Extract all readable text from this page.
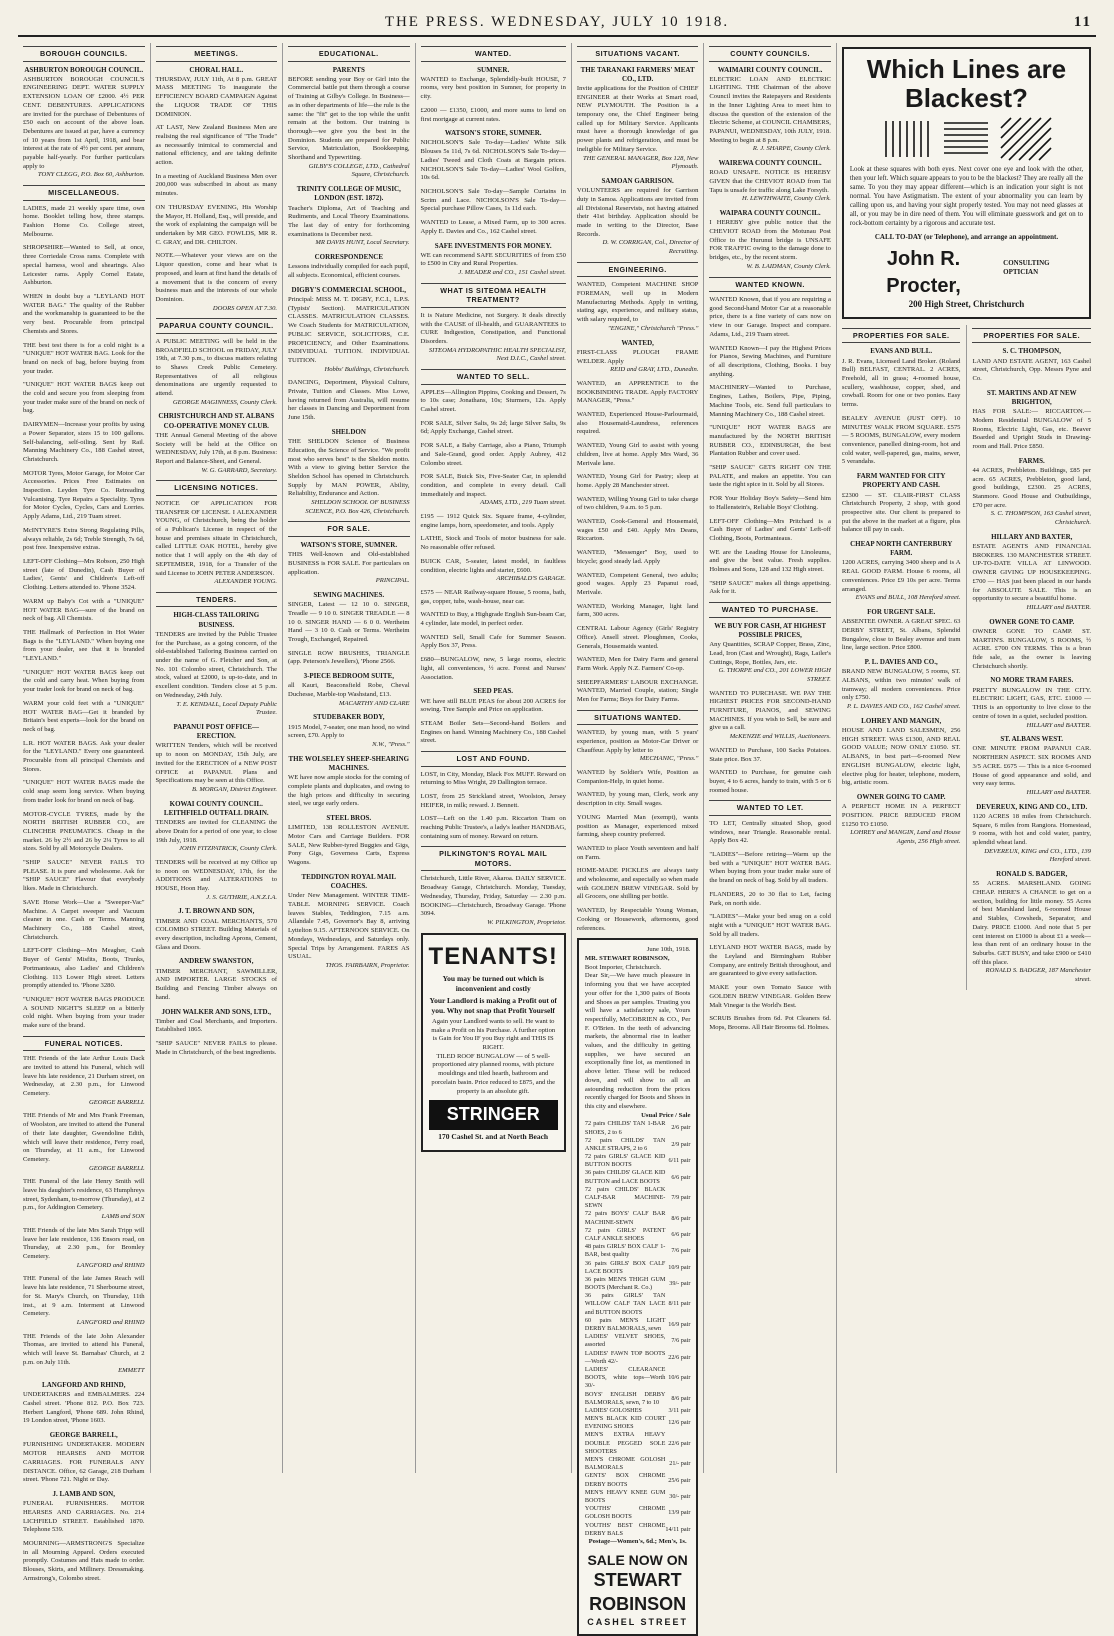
THE PRESS. WEDNESDAY, JULY 10 1918.	11
BOROUGH COUNCILS.
ASHBURTON BOROUGH COUNCIL.
ASHBURTON BOROUGH COUNCIL'S ENGINEERING DEPT. WATER SUPPLY EXTENSION LOAN OF £2000. 4½ PER CENT. DEBENTURES. APPLICATIONS are invited for the purchase of Debentures of £50 each on account of the above loan. Debentures are issued at par, have a currency of 10 years from 1st April, 1918, and bear interest at the rate of 4½ per cent. per annum, payable half-yearly. For further particulars apply to
TONY CLEGG, P.O. Box 60, Ashburton.
MISCELLANEOUS.
LADIES, made 21 weekly spare time, own home. Booklet telling how, three stamps. Fashion Home Co. College street, Melbourne.
SHROPSHIRE—Wanted to Sell, at once, three Corriedale Cross rams. Complete with special harness, wool and shearings. Also Leicester rams. Apply Cornel Estate, Ashburton.
WHEN in doubt buy a "LEYLAND HOT WATER BAG." The quality of the Rubber and the workmanship is guaranteed to be the very best. Procurable from principal Chemists and Stores.
THE best test there is for a cold night is a "UNIQUE" HOT WATER BAG. Look for the brand on neck of bag, before buying from your trader.
"UNIQUE" HOT WATER BAGS keep out the cold and secure you from sleeping from your trader make sure of the brand on neck of bag.
DAIRYMEN—Increase your profits by using a Power Separator, sizes 15 to 100 gallons. Self-balancing, self-oiling. Sent by Rail. Manning Machinery Co., 188 Cashel street, Christchurch.
MOTOR Tyres, Motor Garage, for Motor Car Accessories. Prices Free Estimates on Inspection. Leyden Tyre Co. Retreading Vulcanising. Tyre Repairs a Speciality. Tyres for Motor Cycles, Cycles, Cars and Lorries. Apply Adams, Ltd., 219 Tuam street.
McINTYRE'S Extra Strong Regulating Pills, always reliable, 2s 6d; Treble Strength, 7s 6d, post free. Inexpensive extras.
LEFT-OFF Clothing—Mrs Robson, 250 High street (late of Dunedin), Cash Buyer of Ladies', Gents' and Children's Left-off Clothing. Letters attended to. 'Phone 3524.
WARM up Baby's Cot with a "UNIQUE" HOT WATER BAG—sure of the brand on neck of bag. All Chemists.
THE Hallmark of Perfection in Hot Water Bags is the "LEYLAND." When buying one from your dealer, see that it is branded "LEYLAND."
"UNIQUE" HOT WATER BAGS keep out the cold and carry heat. When buying from your trader look for brand on neck of bag.
WARM your cold feet with a "UNIQUE" HOT WATER BAG—Get it branded by Britain's best experts—look for the brand on neck of bag.
L.R. HOT WATER BAGS. Ask your dealer for the "LEYLAND." Every one guaranteed. Procurable from all principal Chemists and Stores.
"UNIQUE" HOT WATER BAGS made the cold snap seem long service. When buying from trader look for brand on neck of bag.
MOTOR-CYCLE TYRES, made by the NORTH BRITISH RUBBER CO., are CLINCHER PNEUMATICS. Cheap in the market. 26 by 2½ and 26 by 2¼ Tyres to all sizes. Sold by all Motorcycle Dealers.
"SHIP SAUCE" NEVER FAILS TO PLEASE. It is pure and wholesome. Ask for "SHIP SAUCE" Flavour that everybody likes. Made in Christchurch.
SAVE Horse Work—Use a "Sweeper-Vac" Machine. A Carpet sweeper and Vacuum cleaner in one. Cash or Terms. Manning Machinery Co., 188 Cashel street, Christchurch.
LEFT-OFF Clothing—Mrs Meagher, Cash Buyer of Gents' Misfits, Boots, Trunks, Portmanteaus, also Ladies' and Children's Clothing. 113 Lower High street. Letters promptly attended to. 'Phone 3280.
"UNIQUE" HOT WATER BAGS PRODUCE A SOUND NIGHT'S SLEEP on a bitterly cold night. When buying from your trader make sure of the brand.
FUNERAL NOTICES.
THE Friends of the late Arthur Louis Dack are invited to attend his Funeral, which will leave his late residence, 21 Durham street, on Wednesday, at 2.30 p.m., for Linwood Cemetery.
GEORGE BARRELL
THE Friends of Mr and Mrs Frank Freeman, of Woolston, are invited to attend the Funeral of their late daughter, Gwendoline Edith, which will leave their residence, Ferry road, on Thursday, at 11 a.m., for Linwood Cemetery.
GEORGE BARRELL
THE Funeral of the late Henry Smith will leave his daughter's residence, 63 Humphreys street, Sydenham, to-morrow (Thursday), at 2 p.m., for Addington Cemetery.
LAMB and SON
THE Friends of the late Mrs Sarah Tripp will leave her late residence, 136 Ensors road, on Thursday, at 2.30 p.m., for Bromley Cemetery.
LANGFORD and RHIND
THE Funeral of the late James Reach will leave his late residence, 71 Sherbourne street, for St. Mary's Church, on Thursday, 11th inst., at 9 a.m. Interment at Linwood Cemetery.
LANGFORD and RHIND
THE Friends of the late John Alexander Thomas, are invited to attend his Funeral, which will leave St. Barnabas' Church, at 2 p.m. on July 11th.
EMMETT
LANGFORD AND RHIND,
UNDERTAKERS and EMBALMERS. 224 Cashel street. 'Phone 812. P.O. Box 723. Herbert Langford, 'Phone 689. John Rhind, 19 London street, 'Phone 1603.
GEORGE BARRELL,
FURNISHING UNDERTAKER. MODERN MOTOR HEARSES AND MOTOR CARRIAGES. FOR FUNERALS ANY DISTANCE. Office, 62 Garage, 218 Durham street. 'Phone 721. Night or Day.
J. LAMB AND SON,
FUNERAL FURNISHERS. MOTOR HEARSES AND CARRIAGES. No. 214 LICHFIELD STREET. Established 1870. Telephone 539.
MOURNING—ARMSTRONG'S Specialize in all Mourning Apparel. Orders executed promptly. Costumes and Hats made to order. Blouses, Skirts, and Millinery. Dressmaking. Armstrong's, Colombo street.
MEETINGS.
CHORAL HALL.
THURSDAY, JULY 11th, At 8 p.m. GREAT MASS MEETING To inaugurate the EFFICIENCY BOARD CAMPAIGN Against the LIQUOR TRADE OF THIS DOMINION.
AT LAST, New Zealand Business Men are realising the real significance of "The Trade" as necessarily inimical to commercial and national efficiency, and are taking definite action.
In a meeting of Auckland Business Men over 200,000 was subscribed in about as many minutes.
ON THURSDAY EVENING, His Worship the Mayor, H. Holland, Esq., will preside, and the work of explaining the campaign will be undertaken by MR GEO. FOWLDS, MR R. C. GRAY, and DR. CHILTON.
NOTE.—Whatever your views are on the Liquor question, come and hear what is proposed, and learn at first hand the details of a movement that is the concern of every business man and the interests of our whole Dominion.
DOORS OPEN AT 7.30.
PAPARUA COUNTY COUNCIL.
A PUBLIC MEETING will be held in the BROADFIELD SCHOOL on FRIDAY, JULY 19th, at 7.30 p.m., to discuss matters relating to Shaws Creek Public Cemetery. Representatives of all religious denominations are urgently requested to attend.
GEORGE MAGINNESS, County Clerk.
CHRISTCHURCH AND ST. ALBANS CO-OPERATIVE MONEY CLUB.
THE Annual General Meeting of the above Society will be held at the Office on WEDNESDAY, July 17th, at 8 p.m. Business: Report and Balance-Sheet, and General.
W. G. GARRARD, Secretary.
LICENSING NOTICES.
NOTICE OF APPLICATION FOR TRANSFER OF LICENSE. I ALEXANDER YOUNG, of Christchurch, being the holder of a Publican's License in respect of the house and premises situate in Christchurch, called LITTLE OAK HOTEL, hereby give notice that I will apply on the 4th day of SEPTEMBER, 1918, for a Transfer of the said License to JOHN PETER ANDERSON.
ALEXANDER YOUNG.
TENDERS.
HIGH-CLASS TAILORING BUSINESS.
TENDERS are invited by the Public Trustee for the Purchase, as a going concern, of the old-established Tailoring Business carried on under the name of G. Fletcher and Son, at No. 101 Colombo street, Christchurch. The stock, valued at £2000, is up-to-date, and in excellent condition. Tenders close at 5 p.m. on Wednesday, 24th July.
T. E. KENDALL, Local Deputy Public Trustee.
PAPANUI POST OFFICE—ERECTION.
WRITTEN Tenders, which will be received up to noon on MONDAY, 15th July, are invited for the ERECTION of a NEW POST OFFICE at PAPANUI. Plans and Specifications may be seen at this Office.
B. MORGAN, District Engineer.
KOWAI COUNTY COUNCIL. LEITHFIELD OUTFALL DRAIN.
TENDERS are invited for CLEANING the above Drain for a period of one year, to close 19th July, 1918.
JOHN FITZPATRICK, County Clerk.
TENDERS will be received at my Office up to noon on WEDNESDAY, 17th, for the ADDITIONS and ALTERATIONS to HOUSE, Hoon Hay.
J. S. GUTHRIE, A.N.Z.I.A.
J. T. BROWN AND SON,
TIMBER AND COAL MERCHANTS, 570 COLOMBO STREET. Building Materials of every description, including Aprons, Cement, Glass and Doors.
ANDREW SWANSTON,
TIMBER MERCHANT, SAWMILLER, AND IMPORTER. LARGE STOCKS of Building and Fencing Timber always on hand.
JOHN WALKER AND SONS, LTD.,
Timber and Coal Merchants, and Importers. Established 1865.
"SHIP SAUCE" NEVER FAILS to please. Made in Christchurch, of the best ingredients.
EDUCATIONAL.
PARENTS
BEFORE sending your Boy or Girl into the Commercial battle put them through a course of Training at Gilby's College. In Business—as in other departments of life—the rule is the same: the "fit" get to the top while the unfit remain at the bottom. Our training is thorough—we give you the best in the Dominion. Students are prepared for Public Service, Matriculation, Bookkeeping, Shorthand and Typewriting.
GILBY'S COLLEGE, LTD., Cathedral Square, Christchurch.
TRINITY COLLEGE OF MUSIC, LONDON (EST. 1872).
Teacher's Diploma, Art of Teaching and Rudiments, and Local Theory Examinations. The last day of entry for forthcoming examinations is December next.
MR DAVIS HUNT, Local Secretary.
CORRESPONDENCE
Lessons individually compiled for each pupil, all subjects. Economical, efficient courses.
DIGBY'S COMMERCIAL SCHOOL,
Principal: MISS M. T. DIGBY, F.C.I., L.P.S. (Typists' Section). MATRICULATION CLASSES. MATRICULATION CLASSES. We Coach Students for MATRICULATION, PUBLIC SERVICE, SOLICITORS, C.E. PROFICIENCY, and Other Examinations. INDIVIDUAL TUITION. INDIVIDUAL TUITION.
Hobbs' Buildings, Christchurch.
DANCING, Deportment, Physical Culture, Private, Tuition and Classes. Miss Lowe, having returned from Australia, will resume her classes in Dancing and Deportment from June 15th.
SHELDON
THE SHELDON Science of Business Education, the Science of Service. "We profit most who serves best" is the Sheldon motto. With a view to giving better Service the Sheldon School has opened in Christchurch. Supply by MAN POWER, Ability, Reliability, Endurance and Action.
SHELDON SCHOOL OF BUSINESS SCIENCE, P.O. Box 426, Christchurch.
FOR SALE.
WATSON'S STORE, SUMNER.
THIS Well-known and Old-established BUSINESS is FOR SALE. For particulars on application.
PRINCIPAL.
SEWING MACHINES.
SINGER, Latest — 12 10 0. SINGER, Treadle — 9 10 0. SINGER TREADLE — 8 10 0. SINGER HAND — 6 0 0. Wertheim Hand — 3 10 0. Cash or Terms. Wertheim Trough, Exchanged, Repaired.
SINGLE ROW BRUSHES, TRIANGLE (app. Peterson's Jewellers), 'Phone 2566.
3-PIECE BEDROOM SUITE,
all Kauri, Beaconsfield Robe, Cheval Duchesse, Marble-top Washstand, £13.
MACARTHY AND CLARE
STUDEBAKER BODY,
1915 Model, 7-seater, one man hood, no wind screen, £70. Apply to
N.W., "Press."
THE WOLSELEY SHEEP-SHEARING MACHINES.
WE have now ample stocks for the coming of complete plants and duplicates, and owing to the high prices and difficulty in securing steel, we urge early orders.
STEEL BROS.
LIMITED, 138 ROLLESTON AVENUE. Motor Cars and Carriage Builders. FOR SALE, New Rubber-tyred Buggies and Gigs, Pony Gigs, Governess Carts, Express Wagons.
TEDDINGTON ROYAL MAIL COACHES.
Under New Management. WINTER TIME-TABLE. MORNING SERVICE. Coach leaves Stables, Teddington, 7.15 a.m. Allandale 7.45, Governor's Bay 8, arriving Lyttelton 9.15. AFTERNOON SERVICE. On Mondays, Wednesdays, and Saturdays only. Special Trips by Arrangement. FARES AS USUAL.
THOS. FAIRBAIRN, Proprietor.
WANTED.
SUMNER.
WANTED to Exchange, Splendidly-built HOUSE, 7 rooms, very best position in Sumner, for property in city.
£2000 — £1350, £1000, and more sums to lend on first mortgage at current rates.
WATSON'S STORE, SUMNER.
NICHOLSON'S Sale To-day—Ladies' White Silk Blouses 5s 11d, 7s 6d. NICHOLSON'S Sale To-day—Ladies' Tweed and Cloth Coats at Bargain prices. NICHOLSON'S Sale To-day—Ladies' Wool Golfers, 10s 6d.
NICHOLSON'S Sale To-day—Sample Curtains in Scrim and Lace. NICHOLSON'S Sale To-day—Special purchase Pillow Cases, 1s 11d each.
WANTED to Lease, a Mixed Farm, up to 300 acres. Apply E. Davies and Co., 162 Cashel street.
SAFE INVESTMENTS FOR MONEY.
WE can recommend SAFE SECURITIES of from £50 to £500 in City and Rural Properties.
J. MEADER and CO., 151 Cashel street.
WHAT IS SITEOMA HEALTH TREATMENT?
It is Nature Medicine, not Surgery. It deals directly with the CAUSE of ill-health, and GUARANTEES to CURE Indigestion, Constipation, and Functional Disorders.
SITEOMA HYDROPATHIC HEALTH SPECIALIST, Next D.I.C., Cashel street.
WANTED TO SELL.
APPLES—Allington Pippins, Cooking and Dessert, 7s to 10s case; Jonathans, 10s; Sturmers, 12s. Apply Cashel street.
FOR SALE, Silver Salts, 9s 2d; large Silver Salts, 9s 6d; Apply Exchange, Cashel street.
FOR SALE, a Baby Carriage, also a Piano, Triumph and Sale-Grand, good order. Apply Aubrey, 412 Colombo street.
FOR SALE, Buick Six, Five-Seater Car, in splendid condition, and complete in every detail. Call immediately and inspect.
ADAMS, LTD., 219 Tuam street.
£195 — 1912 Quick Six. Square frame, 4-cylinder, engine lamps, horn, speedometer, and tools. Apply
LATHE, Stock and Tools of motor business for sale. No reasonable offer refused.
BUICK CAR, 5-seater, latest model, in faultless condition, electric lights and starter, £600.
ARCHIBALD'S GARAGE.
£575 — NEAR Railway-square House, 5 rooms, bath, gas, copper, tubs, wash-house, near car.
WANTED to Buy, a Highgrade English Sun-beam Car, 4 cylinder, late model, in perfect order.
WANTED Sell, Small Cafe for Summer Season. Apply Box 37, Press.
£680—BUNGALOW, new, 5 large rooms, electric light, all conveniences, ½ acre. Forest and Nurses' Association.
SEED PEAS.
WE have still BLUE PEAS for about 200 ACRES for sowing. Tree Sample and Price on application.
STEAM Boiler Sets—Second-hand Boilers and Engines on hand. Winning Machinery Co., 188 Cashel street.
LOST AND FOUND.
LOST, in City, Monday, Black Fox MUFF. Reward on returning to Miss Wright, 29 Dallington terrace.
LOST, from 25 Strickland street, Woolston, Jersey HEIFER, in milk; reward. J. Bennett.
LOST—Left on the 1.40 p.m. Riccarton Tram on reaching Public Trustee's, a lady's leather HANDBAG, containing sum of money. Reward on return.
PILKINGTON'S ROYAL MAIL MOTORS.
Christchurch, Little River, Akaroa. DAILY SERVICE. Broadway Garage, Christchurch. Monday, Tuesday, Wednesday, Thursday, Friday, Saturday — 2.30 p.m. BOOKING—Christchurch, Broadway Garage. 'Phone 3094.
W. PILKINGTON, Proprietor.
TENANTS!
You may be turned out which is inconvenient and costly
Your Landlord is making a Profit out of you. Why not snap that Profit Yourself
Again your Landlord wants to sell. He want to make a Profit on his Purchase. A further option is Gain for You IF you Buy right and THIS IS RIGHT.
TILED ROOF BUNGALOW — of 5 well-proportioned airy planned rooms, with picture mouldings and tiled hearth, bathroom and porcelain basin. Price reduced to £875, and the property is an absolute gift.
STRINGER
170 Cashel St. and at North Beach
SITUATIONS VACANT.
THE TARANAKI FARMERS' MEAT CO., LTD.
Invite applications for the Position of CHIEF ENGINEER at their Works at Smart road, NEW PLYMOUTH. The Position is a temporary one, the Chief Engineer being called up for Military Service. Applicants must have a thorough knowledge of gas power plants and refrigeration, and must be ineligible for Military Service.
THE GENERAL MANAGER, Box 128, New Plymouth.
SAMOAN GARRISON.
VOLUNTEERS are required for Garrison duty in Samoa. Applications are invited from all Divisional Reservists, not having attained their 41st birthday. Application should be made in writing to the Director, Base Records.
D. W. CORRIGAN, Col., Director of Recruiting.
ENGINEERING.
WANTED, Competent MACHINE SHOP FOREMAN, well up in Modern Manufacturing Methods. Apply in writing, stating age, experience, and military status, with salary required, to
"ENGINE," Christchurch "Press."
WANTED,
FIRST-CLASS PLOUGH FRAME WELDER. Apply
REID and GRAY, LTD., Dunedin.
WANTED, an APPRENTICE to the BOOKBINDING TRADE. Apply FACTORY MANAGER, "Press."
WANTED, Experienced House-Parlourmaid, also Housemaid-Laundress, references required.
WANTED, Young Girl to assist with young children, live at home. Apply Mrs Ward, 36 Merivale lane.
WANTED, Young Girl for Pastry; sleep at home. Apply 28 Manchester street.
WANTED, Willing Young Girl to take charge of two children, 9 a.m. to 5 p.m.
WANTED, Cook-General and Housemaid, wages £50 and £40. Apply Mrs Deans, Riccarton.
WANTED, "Messenger" Boy, used to bicycle; good steady lad. Apply
WANTED, Competent General, two adults; good wages. Apply 23 Papanui road, Merivale.
WANTED, Working Manager, light land farm, 300 acres.
CENTRAL Labour Agency (Girls' Registry Office). Ansell street. Ploughmen, Cooks, Generals, Housemaids wanted.
WANTED, Men for Dairy Farm and general Farm Work. Apply N.Z. Farmers' Co-op.
SHEEPFARMERS' LABOUR EXCHANGE. WANTED, Married Couple, station; Single Men for Farms; Boys for Dairy Farms.
SITUATIONS WANTED.
WANTED, by young man, with 5 years' experience, position as Motor-Car Driver or Chauffeur. Apply by letter to
MECHANIC, "Press."
WANTED by Soldier's Wife, Position as Companion-Help, in quiet home.
WANTED, by young man, Clerk, work any description in city. Small wages.
YOUNG Married Man (exempt), wants position as Manager, experienced mixed farming, sheep country preferred.
WANTED to place Youth seventeen and half on Farm.
HOME-MADE PICKLES are always tasty and wholesome, and especially so when made with GOLDEN BREW VINEGAR. Sold by all Grocers, one shilling per bottle.
WANTED, by Respectable Young Woman, Cooking or Housework, afternoons, good references.
June 10th, 1918.
MR. STEWART ROBINSON,
Boot Importer, Christchurch.
Dear Sir,—We have much pleasure in informing you that we have accepted your offer for the 1,300 pairs of Boots and Shoes as per samples. Trusting you will have a satisfactory sale, Yours respectfully, McCOBRIEN & CO., Per F. O'Brien. In the teeth of advancing markets, the abnormal rise in leather values, and the difficulty in getting supplies, we have secured an exceptionally fine lot, as mentioned in above letter. These will be reduced down, and will show to all an astounding reduction from the prices recently charged for Boots and Shoes in this city and elsewhere.
Usual Price / Sale
72 pairs CHILDS' TAN 1-BAR SHOES, 2 to 6	2/6 pair
72 pairs CHILDS' TAN ANKLE STRAPS, 2 to 6	2/9 pair
72 pairs GIRLS' GLACE KID BUTTON BOOTS	6/11 pair
36 pairs CHILDS' GLACE KID BUTTON and LACE BOOTS	6/6 pair
72 pairs CHILDS' BLACK CALF-BAR MACHINE-SEWN	7/9 pair
72 pairs BOYS' CALF BAR MACHINE-SEWN	8/6 pair
72 pairs GIRLS' PATENT CALF ANKLE SHOES	6/6 pair
48 pairs GIRLS' BOX CALF 1-BAR, best quality	7/6 pair
36 pairs GIRLS' BOX CALF LACE BOOTS	10/9 pair
36 pairs MEN'S THIGH GUM BOOTS (Merchant R. Co.)	39/- pair
36 pairs GIRLS' TAN WILLOW CALF TAN LACE and BUTTON BOOTS	8/11 pair
60 pairs MEN'S LIGHT DERBY BALMORALS, sewn	16/9 pair
LADIES' VELVET SHOES, assorted	7/6 pair
LADIES' FAWN TOP BOOTS—Worth 42/-	22/6 pair
LADIES' CLEARANCE BOOTS, white tops—Worth 30/-	10/6 pair
BOYS' ENGLISH DERBY BALMORALS, sewn, 7 to 10	8/6 pair
LADIES' GOLOSHES	3/11 pair
MEN'S BLACK KID COURT EVENING SHOES	12/6 pair
MEN'S EXTRA HEAVY DOUBLE PEGGED SOLE SHOOTERS	22/6 pair
MEN'S CHROME GOLOSH BALMORALS	21/- pair
GENTS' BOX CHROME DERBY BOOTS	25/6 pair
MEN'S HEAVY KNEE GUM BOOTS	30/- pair
YOUTHS' CHROME GOLOSH BOOTS	13/9 pair
YOUTHS' BEST CHROME DERBY BALS	14/11 pair
Postage—Women's, 6d.; Men's, 1s.
SALE NOW ON
STEWART ROBINSON
CASHEL STREET
COUNTY COUNCILS.
WAIMAIRI COUNTY COUNCIL.
ELECTRIC LOAN AND ELECTRIC LIGHTING. THE Chairman of the above Council invites the Ratepayers and Residents in the Inner Lighting Area to meet him to discuss the question of the extension of the Electric Scheme, at COUNCIL CHAMBERS, PAPANUI, WEDNESDAY, 10th JULY, 1918. Meeting to begin at 8 p.m.
R. J. SHARPE, County Clerk.
WAIREWA COUNTY COUNCIL.
ROAD UNSAFE. NOTICE IS HEREBY GIVEN that the CHEVIOT ROAD from Tai Tapu is unsafe for traffic along Lake Forsyth.
H. LEWTHWAITE, County Clerk.
WAIPARA COUNTY COUNCIL.
I HEREBY give public notice that the CHEVIOT ROAD from the Motunau Post Office to the Hurunui bridge is UNSAFE FOR TRAFFIC owing to the damage done to bridges, etc., by the recent storm.
W. B. LAIDMAN, County Clerk.
WANTED KNOWN.
WANTED Known, that if you are requiring a good Second-hand Motor Car at a reasonable price, there is a fine variety of cars now on view in our Garage. Inspect and compare. Adams, Ltd., 219 Tuam street.
WANTED Known—I pay the Highest Prices for Pianos, Sewing Machines, and Furniture of all descriptions, Clothing, Books. I buy anything.
MACHINERY—Wanted to Purchase, Engines, Lathes, Boilers, Pipe, Piping, Machine Tools, etc. Send full particulars to Manning Machinery Co., 188 Cashel street.
"UNIQUE" HOT WATER BAGS are manufactured by the NORTH BRITISH RUBBER CO., EDINBURGH, the best Plantation Rubber and cover used.
"SHIP SAUCE" GETS RIGHT ON THE PALATE, and makes an appetite. You can taste the right spice in it. Sold by all Stores.
FOR Your Holiday Boy's Safety—Send him to Hallenstein's, Reliable Boys' Clothing.
LEFT-OFF Clothing—Mrs Pritchard is a Cash Buyer of Ladies' and Gents' Left-off Clothing, Boots, Portmanteaus.
WE are the Leading House for Linoleums, and give the best value. Fresh supplies. Holmes and Sons, 128 and 132 High street.
"SHIP SAUCE" makes all things appetising. Ask for it.
WANTED TO PURCHASE.
WE BUY FOR CASH, AT HIGHEST POSSIBLE PRICES,
Any Quantities, SCRAP Copper, Brass, Zinc, Lead, Iron (Cast and Wrought), Rags, Lailer's Cuttings, Rope, Bottles, Jars, etc.
G. THORPE and CO., 201 LOWER HIGH STREET.
WANTED TO PURCHASE. WE PAY THE HIGHEST PRICES FOR SECOND-HAND FURNITURE, PIANOS, and SEWING MACHINES. If you wish to Sell, be sure and give us a call.
McKENZIE and WILLIS, Auctioneers.
WANTED to Purchase, 100 Sacks Potatoes. State price. Box 37.
WANTED to Purchase, for genuine cash buyer, 4 to 6 acres, handy to train, with 5 or 6 roomed house.
WANTED TO LET.
TO LET, Centrally situated Shop, good windows, near Triangle. Reasonable rental. Apply Box 42.
"LADIES"—Before retiring—Warm up the bed with a "UNIQUE" HOT WATER BAG. When buying from your trader make sure of the brand on neck of bag. Sold by all traders.
FLANDERS, 20 to 30 flat to Let, facing Park, on north side.
"LADIES"—Make your bed snug on a cold night with a "UNIQUE" HOT WATER BAG. Sold by all traders.
LEYLAND HOT WATER BAGS, made by the Leyland and Birmingham Rubber Company, are entirely British throughout, and are guaranteed to give every satisfaction.
MAKE your own Tomato Sauce with GOLDEN BREW VINEGAR. Golden Brew Malt Vinegar is the World's Best.
SCRUB Brushes from 6d. Pot Cleaners 6d. Mops, Brooms. All Hair Brooms 6d. Holmes.
Which Lines are Blackest?
Look at these squares with both eyes. Next cover one eye and look with the other, then your left. Which square appears to you to be the blackest? They are really all the same. To you they may appear different—which is an indication your sight is not normal. You have Astigmatism. The extent of your abnormality you can learn by calling upon us, and having your sight properly tested. You may not need glasses at all, or you may be in dire need of them. You will eliminate guesswork and get on to rock-bottom certainty by a rigorous and accurate test.
CALL TO-DAY (or Telephone), and arrange an appointment.
John R. Procter,
CONSULTING OPTICIAN
200 High Street, Christchurch
PROPERTIES FOR SALE.
EVANS AND BULL.
J. R. Evans, Licensed Land Broker. (Roland Bull) BELFAST, CENTRAL. 2 ACRES, Freehold, all in grass; 4-roomed house, scullery, washhouse, copper, shed, and cowbaIl. Room for one or two ponies. Easy terms.
BEALEY AVENUE (JUST OFF). 10 MINUTES' WALK FROM SQUARE. £575 — 5 ROOMS, BUNGALOW, every modern convenience, panelled dining-room, hot and cold water, well-papered, gas, mains, sewer, 5 verandahs.
FARM WANTED FOR CITY PROPERTY AND CASH.
£2300 — ST. CLAIR-FIRST CLASS Christchurch Property, 2 shop, with good prospective site. Our client is prepared to put the above in the market at a figure, plus balance till pay in cash.
CHEAP NORTH CANTERBURY FARM.
1200 ACRES, carrying 3400 sheep and is A REAL GOOD FARM. House 6 rooms, all conveniences. Price £9 10s per acre. Terms arranged.
EVANS and BULL, 108 Hereford street.
FOR URGENT SALE.
ABSENTEE OWNER. A GREAT SPEC. 63 DERBY STREET, St. Albans, Splendid Bungalow, close to Bealey avenue and tram line, large section. Price £800.
P. L. DAVIES AND CO.,
BRAND NEW BUNGALOW, 5 rooms, ST. ALBANS, within two minutes' walk of tramway; all modern conveniences. Price only £750.
P. L. DAVIES AND CO., 162 Cashel street.
LOHREY AND MANGIN,
HOUSE AND LAND SALESMEN, 256 HIGH STREET. WAS £1300, AND REAL GOOD VALUE; NOW ONLY £1050. ST. ALBANS, in best part—6-roomed New ENGLISH BUNGALOW, electric light, elective plug for heater, telephone, modern, big, artistic room.
OWNER GOING TO CAMP.
A PERFECT HOME IN A PERFECT POSITION. PRICE REDUCED FROM £1250 TO £1050.
LOHREY and MANGIN, Land and House Agents, 256 High street.
PROPERTIES FOR SALE.
S. C. THOMPSON,
LAND AND ESTATE AGENT, 163 Cashel street, Christchurch, Opp. Messrs Pyne and Co.
ST. MARTINS AND AT NEW BRIGHTON,
HAS FOR SALE:— RICCARTON.— Modern Residential BUNGALOW of 5 Rooms, Electric Light, Gas, etc. Beaver Boarded and Upright Studs in Drawing-room and Hall. Price £850.
FARMS.
44 ACRES, Prebbleton. Buildings, £85 per acre. 65 ACRES, Prebbleton, good land, good buildings, £2300. 25 ACRES, Stanmore. Good House and Outbuildings, £70 per acre.
S. C. THOMPSON, 163 Cashel street, Christchurch.
HILLARY AND BAXTER,
ESTATE AGENTS AND FINANCIAL BROKERS. 130 MANCHESTER STREET. UP-TO-DATE VILLA AT LINWOOD. OWNER GIVING UP HOUSEKEEPING. £700 — HAS just been placed in our hands for ABSOLUTE SALE. This is an opportunity to secure a beautiful home.
HILLARY and BAXTER.
OWNER GONE TO CAMP.
OWNER GONE TO CAMP. ST. MARTIN'S. BUNGALOW, 5 ROOMS, ½ ACRE. £700 ON TERMS. This is a bran fide sale, as the owner is leaving Christchurch shortly.
NO MORE TRAM FARES.
PRETTY BUNGALOW IN THE CITY. ELECTRIC LIGHT, GAS, ETC. £1000 — THIS is an opportunity to live close to the centre of town in a quiet, secluded position.
HILLARY and BAXTER.
ST. ALBANS WEST.
ONE MINUTE FROM PAPANUI CAR. NORTHERN ASPECT. SIX ROOMS AND 3/5 ACRE. £675 — This is a nice 6-roomed House of good appearance and solid, and very easy terms.
HILLARY and BAXTER.
DEVEREUX, KING AND CO., LTD.
1120 ACRES 18 miles from Christchurch. Square, 6 miles from Rangiora. Homestead, 9 rooms, with hot and cold water, pantry, splendid wheat land.
DEVEREUX, KING and CO., LTD., 139 Hereford street.
RONALD S. BADGER,
55 ACRES. MARSHLAND. GOING CHEAP. HERE'S A CHANCE to get on a section, building for little money. 55 Acres of best Marshland land, 6-roomed House and Stables, Cowsheds, Separator, and Dairy. PRICE £1000. And note that 5 per cent interest on £1000 is about £1 a week—less than rent of an ordinary house in the Suburbs. GET BUSY, and take £900 or £410 off this place.
RONALD S. BADGER, 187 Manchester street.
